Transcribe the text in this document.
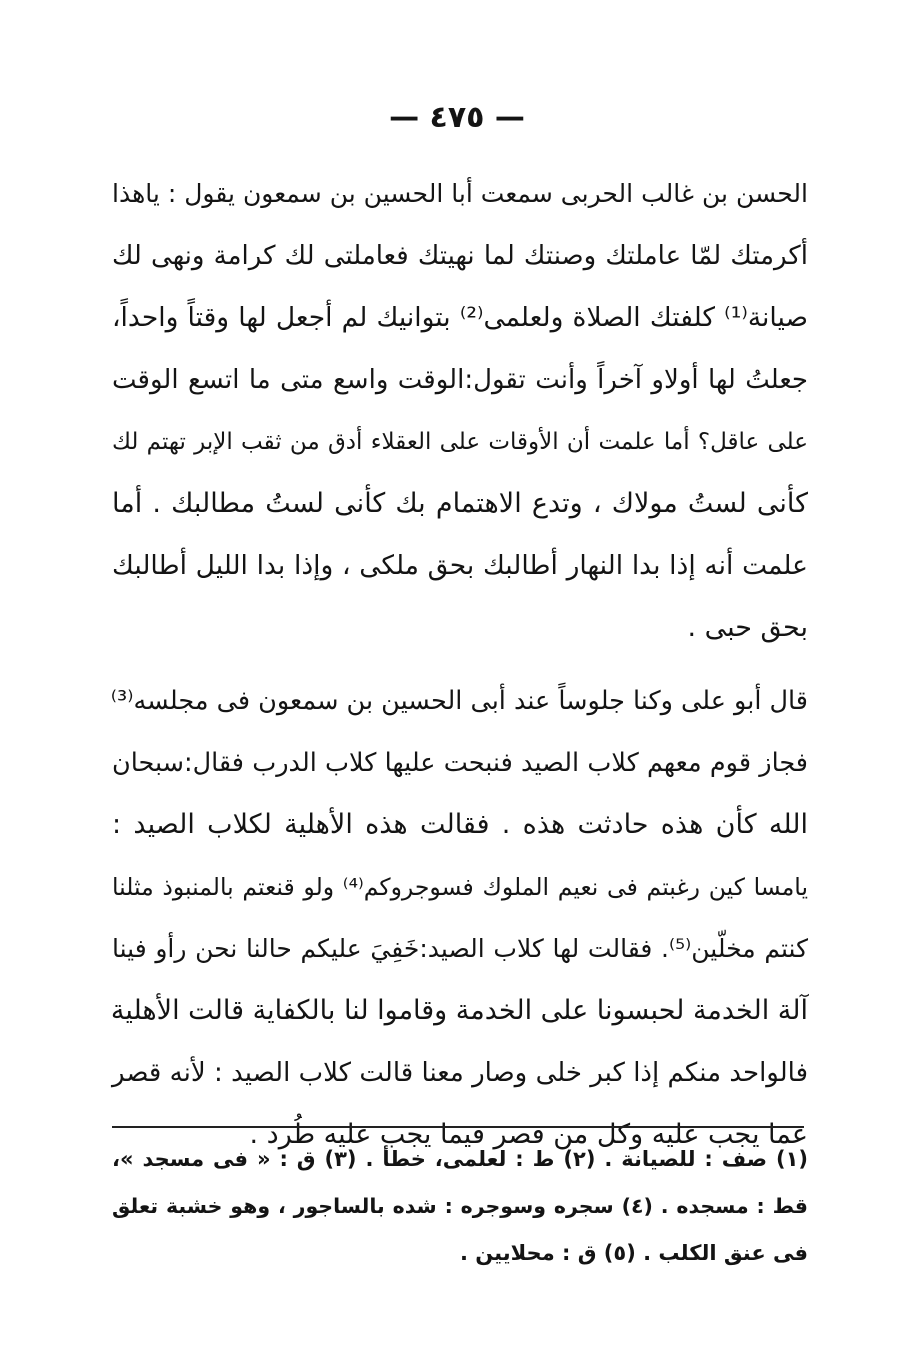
— ٤٧٥ —
الحسن بن غالب الحربى سمعت أبا الحسين بن سمعون يقول : ياهذا
أكرمتك لمّا عاملتك وصنتك لما نهيتك فعاملتى لك كرامة ونهى لك
صيانة⁽¹⁾ كلفتك الصلاة ولعلمى⁽²⁾ بتوانيك لم أجعل لها وقتاً واحداً،
جعلتُ لها أولاو آخراً وأنت تقول:الوقت واسع متى ما اتسع الوقت
على عاقل؟ أما علمت أن الأوقات على العقلاء أدق من ثقب الإبر تهتم لك
كأنى لستُ مولاك ، وتدع الاهتمام بك كأنى لستُ مطالبك . أما
علمت أنه إذا بدا النهار أطالبك بحق ملكى ، وإذا بدا الليل أطالبك
بحق حبى .
قال أبو على وكنا جلوساً عند أبى الحسين بن سمعون فى مجلسه⁽³⁾
فجاز قوم معهم كلاب الصيد فنبحت عليها كلاب الدرب فقال:سبحان
الله كأن هذه حادثت هذه . فقالت هذه الأهلية لكلاب الصيد :
يامسا كين رغبتم فى نعيم الملوك فسوجروكم⁽⁴⁾ ولو قنعتم بالمنبوذ مثلنا
كنتم مخلّين⁽⁵⁾. فقالت لها كلاب الصيد:خَفِيَ عليكم حالنا نحن رأو فينا
آلة الخدمة لحبسونا على الخدمة وقاموا لنا بالكفاية قالت الأهلية
فالواحد منكم إذا كبر خلى وصار معنا قالت كلاب الصيد : لأنه قصر
عما يجب عليه وكل من قصر فيما يجب عليه طُرد .
(١) صف : للصيانة . (٢) ط : لعلمى، خطأ . (٣) ق : « فى مسجد »،
قط : مسجده . (٤) سجره وسوجره : شده بالساجور ، وهو خشبة تعلق
فى عنق الكلب . (٥) ق : محلايين .
